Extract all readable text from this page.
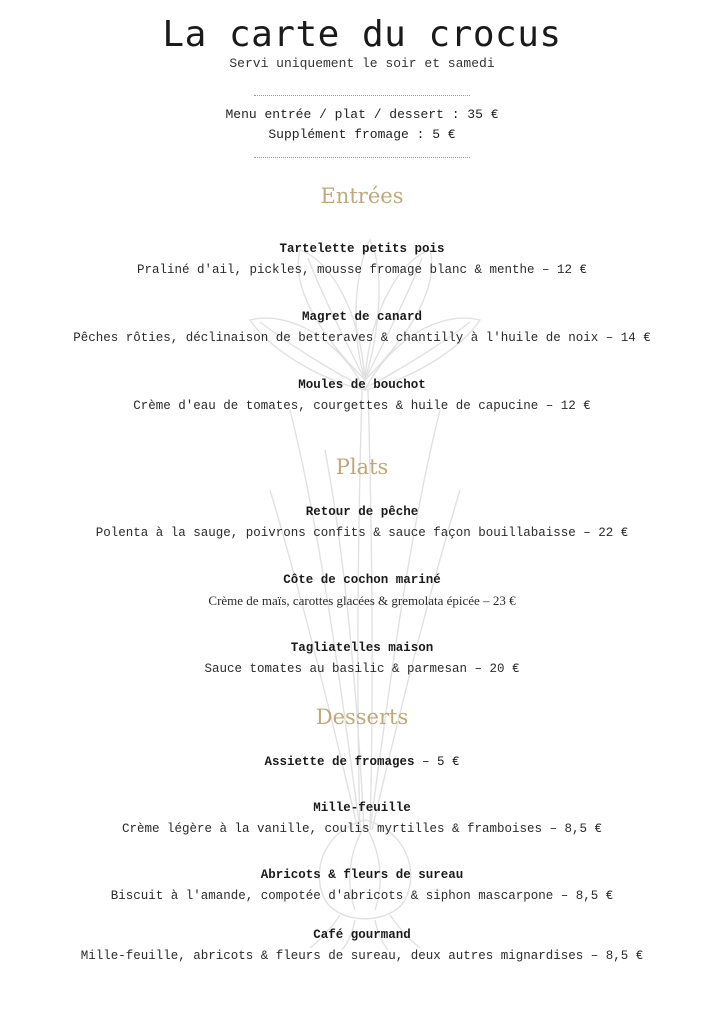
La carte du crocus
Servi uniquement le soir et samedi
Menu entrée / plat / dessert : 35 €
Supplément fromage : 5 €
Entrées
Tartelette petits pois
Praliné d'ail, pickles, mousse fromage blanc & menthe – 12 €
Magret de canard
Pêches rôties, déclinaison de betteraves & chantilly à l'huile de noix – 14 €
Moules de bouchot
Crème d'eau de tomates, courgettes & huile de capucine – 12 €
Plats
Retour de pêche
Polenta à la sauge, poivrons confits & sauce façon bouillabaisse – 22 €
Côte de cochon mariné
Crème de maïs, carottes glacées & gremolata épicée – 23 €
Tagliatelles maison
Sauce tomates au basilic & parmesan – 20 €
Desserts
Assiette de fromages – 5 €
Mille-feuille
Crème légère à la vanille, coulis myrtilles & framboises – 8,5 €
Abricots & fleurs de sureau
Biscuit à l'amande, compotée d'abricots & siphon mascarpone – 8,5 €
Café gourmand
Mille-feuille, abricots & fleurs de sureau, deux autres mignardises – 8,5 €
